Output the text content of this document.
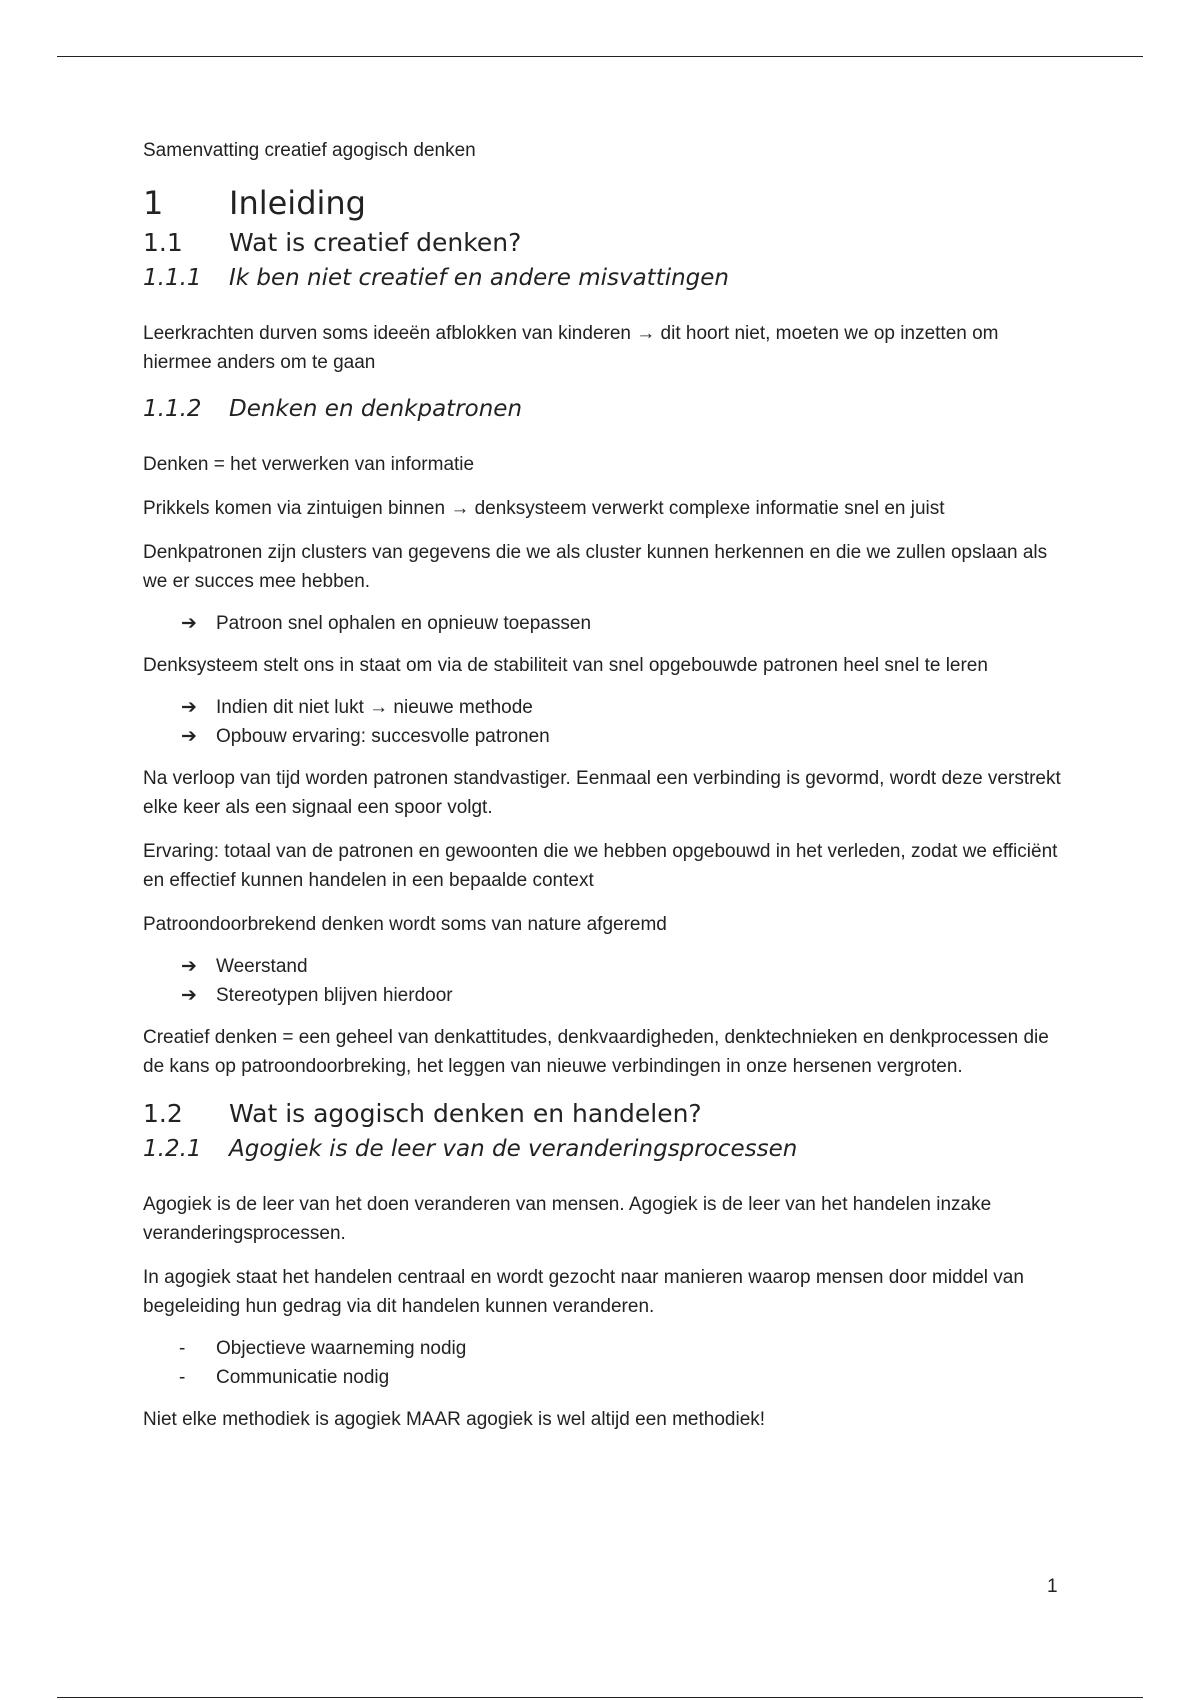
Samenvatting creatief agogisch denken
1	Inleiding
1.1	Wat is creatief denken?
1.1.1	Ik ben niet creatief en andere misvattingen

Leerkrachten durven soms ideeën afblokken van kinderen → dit hoort niet, moeten we op inzetten om hiermee anders om te gaan

1.1.2	Denken en denkpatronen

Denken = het verwerken van informatie

Prikkels komen via zintuigen binnen → denksysteem verwerkt complexe informatie snel en juist

Denkpatronen zijn clusters van gegevens die we als cluster kunnen herkennen en die we zullen opslaan als we er succes mee hebben.

➔ Patroon snel ophalen en opnieuw toepassen

Denksysteem stelt ons in staat om via de stabiliteit van snel opgebouwde patronen heel snel te leren

➔ Indien dit niet lukt → nieuwe methode
➔ Opbouw ervaring: succesvolle patronen

Na verloop van tijd worden patronen standvastiger. Eenmaal een verbinding is gevormd, wordt deze verstrekt elke keer als een signaal een spoor volgt.

Ervaring: totaal van de patronen en gewoonten die we hebben opgebouwd in het verleden, zodat we efficiënt en effectief kunnen handelen in een bepaalde context

Patroondoorbrekend denken wordt soms van nature afgeremd

➔ Weerstand
➔ Stereotypen blijven hierdoor

Creatief denken = een geheel van denkattitudes, denkvaardigheden, denktechnieken en denkprocessen die de kans op patroondoorbreking, het leggen van nieuwe verbindingen in onze hersenen vergroten.

1.2	Wat is agogisch denken en handelen?
1.2.1	Agogiek is de leer van de veranderingsprocessen

Agogiek is de leer van het doen veranderen van mensen. Agogiek is de leer van het handelen inzake veranderingsprocessen.

In agogiek staat het handelen centraal en wordt gezocht naar manieren waarop mensen door middel van begeleiding hun gedrag via dit handelen kunnen veranderen.

- Objectieve waarneming nodig
- Communicatie nodig

Niet elke methodiek is agogiek MAAR agogiek is wel altijd een methodiek!

1
